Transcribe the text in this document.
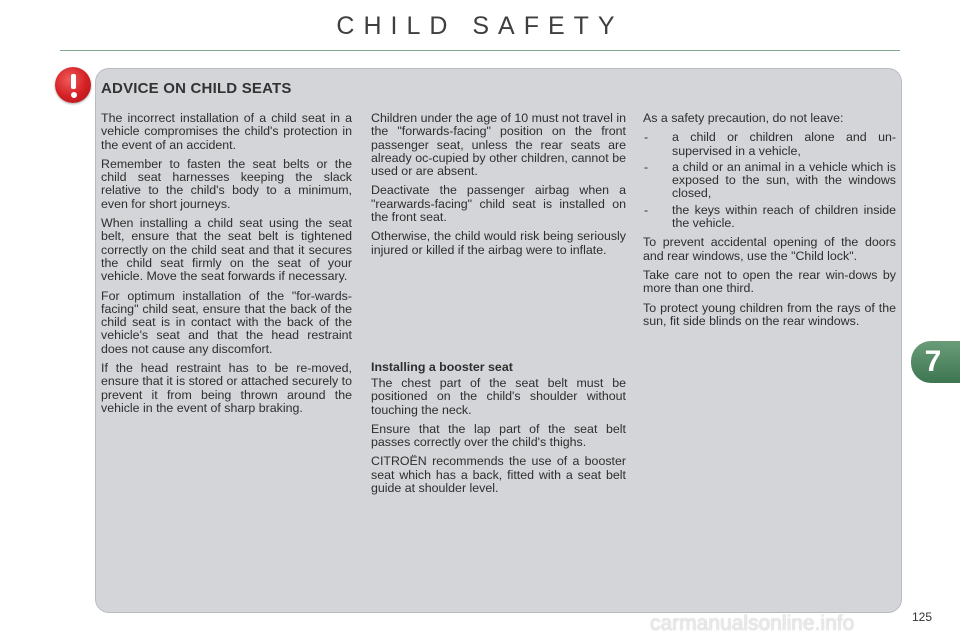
CHILD SAFETY
ADVICE ON CHILD SEATS

The incorrect installation of a child seat in a vehicle compromises the child's protection in the event of an accident.

Remember to fasten the seat belts or the child seat harnesses keeping the slack relative to the child's body to a minimum, even for short journeys.

When installing a child seat using the seat belt, ensure that the seat belt is tightened correctly on the child seat and that it secures the child seat firmly on the seat of your vehicle. Move the seat forwards if necessary.

For optimum installation of the "for-wards-facing" child seat, ensure that the back of the child seat is in contact with the back of the vehicle's seat and that the head restraint does not cause any discomfort.

If the head restraint has to be re-moved, ensure that it is stored or attached securely to prevent it from being thrown around the vehicle in the event of sharp braking.

Children under the age of 10 must not travel in the "forwards-facing" position on the front passenger seat, unless the rear seats are already oc-cupied by other children, cannot be used or are absent.

Deactivate the passenger airbag when a "rearwards-facing" child seat is installed on the front seat.

Otherwise, the child would risk being seriously injured or killed if the airbag were to inflate.

Installing a booster seat

The chest part of the seat belt must be positioned on the child's shoulder without touching the neck.

Ensure that the lap part of the seat belt passes correctly over the child's thighs.

CITROËN recommends the use of a booster seat which has a back, fitted with a seat belt guide at shoulder level.

As a safety precaution, do not leave:

- a child or children alone and un-supervised in a vehicle,
- a child or an animal in a vehicle which is exposed to the sun, with the windows closed,
- the keys within reach of children inside the vehicle.

To prevent accidental opening of the doors and rear windows, use the "Child lock".

Take care not to open the rear win-dows by more than one third.

To protect young children from the rays of the sun, fit side blinds on the rear windows.

7
125
carmanualsonline.info
